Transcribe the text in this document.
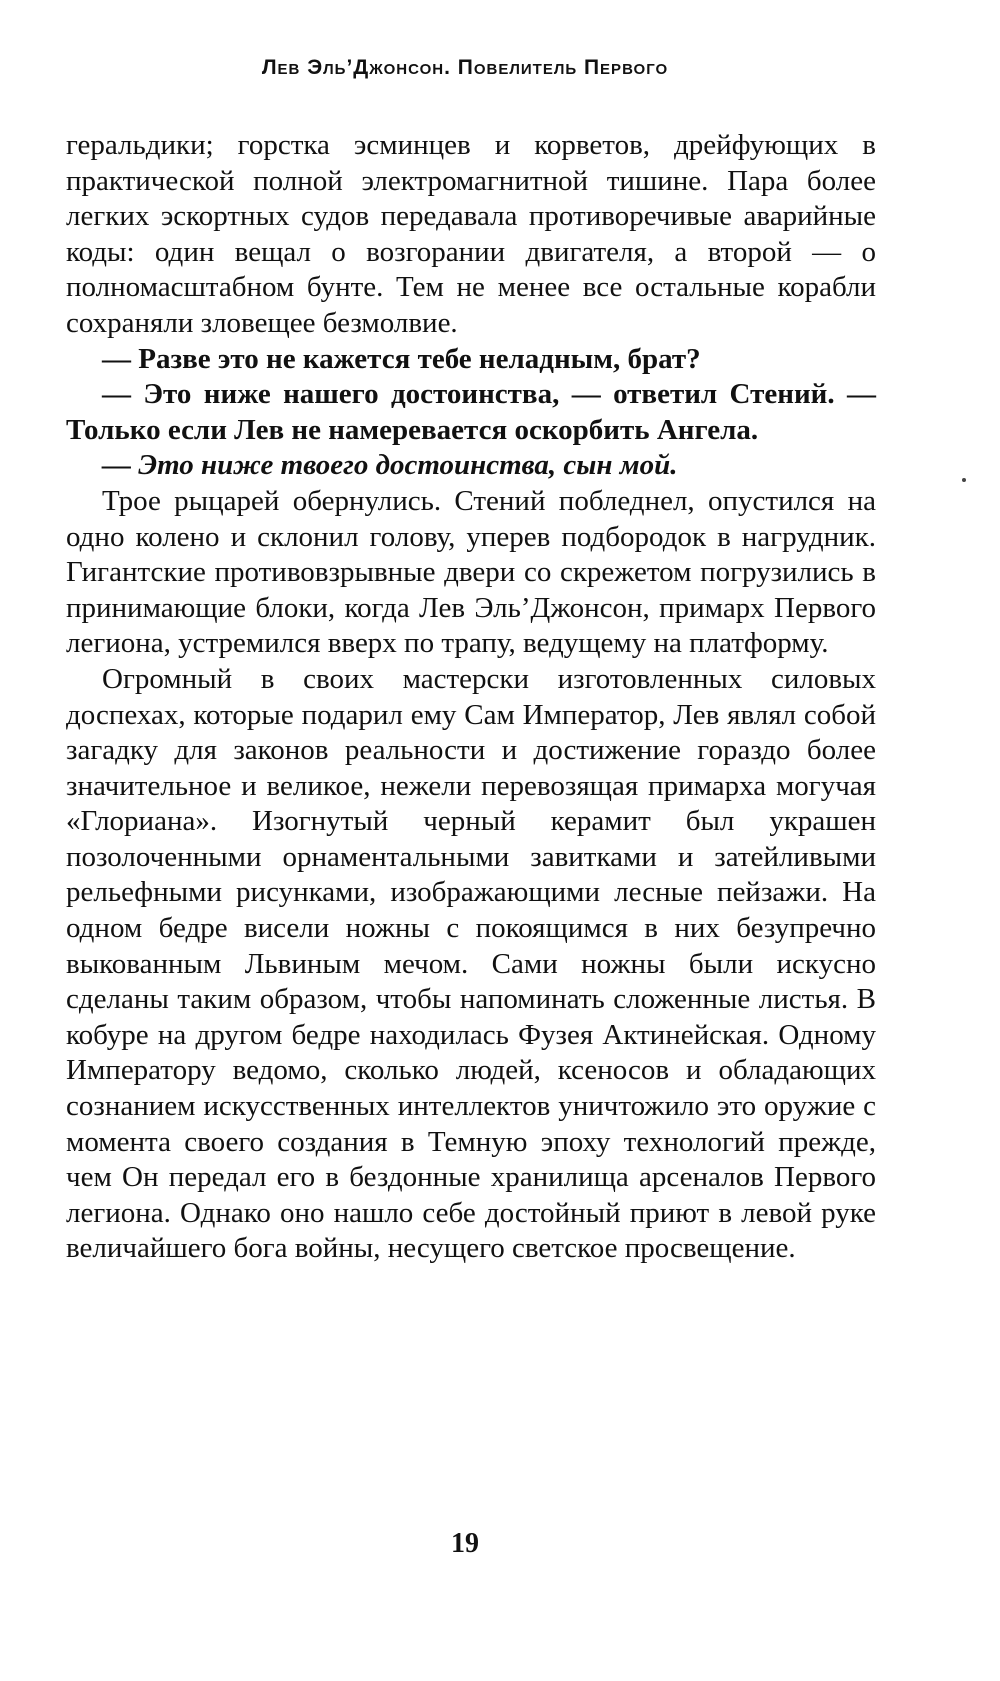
Лев Эль’Джонсон. Повелитель Первого

геральдики; горстка эсминцев и корветов, дрейфующих в практической полной электромагнитной тишине. Пара более легких эскортных судов передавала противоречивые аварийные коды: один вещал о возгорании двигателя, а второй — о полномасштабном бунте. Тем не менее все остальные корабли сохраняли зловещее безмолвие.

— Разве это не кажется тебе неладным, брат?

— Это ниже нашего достоинства, — ответил Стений. — Только если Лев не намеревается оскорбить Ангела.

— Это ниже твоего достоинства, сын мой.

Трое рыцарей обернулись. Стений побледнел, опустился на одно колено и склонил голову, уперев подбородок в нагрудник. Гигантские противовзрывные двери со скрежетом погрузились в принимающие блоки, когда Лев Эль’Джонсон, примарх Первого легиона, устремился вверх по трапу, ведущему на платформу.

Огромный в своих мастерски изготовленных силовых доспехах, которые подарил ему Сам Император, Лев являл собой загадку для законов реальности и достижение гораздо более значительное и великое, нежели перевозящая примарха могучая «Глориана». Изогнутый черный керамит был украшен позолоченными орнаментальными завитками и затейливыми рельефными рисунками, изображающими лесные пейзажи. На одном бедре висели ножны с покоящимся в них безупречно выкованным Львиным мечом. Сами ножны были искусно сделаны таким образом, чтобы напоминать сложенные листья. В кобуре на другом бедре находилась Фузея Актинейская. Одному Императору ведомо, сколько людей, ксеносов и обладающих сознанием искусственных интеллектов уничтожило это оружие с момента своего создания в Темную эпоху технологий прежде, чем Он передал его в бездонные хранилища арсеналов Первого легиона. Однако оно нашло себе достойный приют в левой руке величайшего бога войны, несущего светское просвещение.

19
